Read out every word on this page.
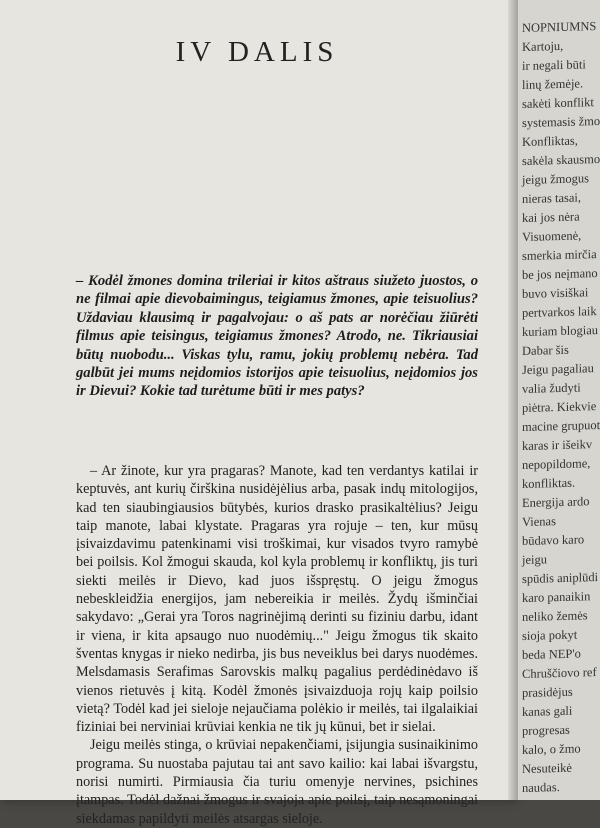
IV DALIS

– Kodėl žmones domina trileriai ir kitos aštraus siužeto juostos, o ne filmai apie dievobaimingus, teigiamus žmones, apie teisuolius? Uždaviau klausimą ir pagalvojau: o aš pats ar norėčiau žiūrėti filmus apie teisingus, teigiamus žmones? Atrodo, ne. Tikriausiai būtų nuobodu... Viskas tylu, ramu, jokių problemų nebėra. Tad galbūt jei mums neįdomios istorijos apie teisuolius, neįdomios jos ir Dievui? Kokie tad turėtume būti ir mes patys?

– Ar žinote, kur yra pragaras? Manote, kad ten verdantys katilai ir keptuvės, ant kurių čirškina nusidėjėlius arba, pasak indų mitologijos, kad ten siaubingiausios būtybės, kurios drasko prasikaltėlius? Jeigu taip manote, labai klystate. Pragaras yra rojuje – ten, kur mūsų įsivaizdavimu patenkinami visi troškimai, kur visados tvyro ramybė bei poilsis. Kol žmogui skauda, kol kyla problemų ir konfliktų, jis turi siekti meilės ir Dievo, kad juos išspręstų. O jeigu žmogus nebeskleidžia energijos, jam nebereikia ir meilės. Žydų išminčiai sakydavo: „Gerai yra Toros nagrinėjimą derinti su fiziniu darbu, idant ir viena, ir kita apsaugo nuo nuodėmių..." Jeigu žmogus tik skaito šventas knygas ir nieko nedirba, jis bus neveiklus bei darys nuodėmes. Melsdamasis Serafimas Sarovskis malkų pagalius perdėdinėdavo iš vienos rietuvės į kitą. Kodėl žmonės įsivaizduoja rojų kaip poilsio vietą? Todėl kad jei sieloje nejaučiama polėkio ir meilės, tai ilgalaikiai fiziniai bei nerviniai krūviai kenkia ne tik jų kūnui, bet ir sielai.

Jeigu meilės stinga, o krūviai nepakenčiami, įsijungia susinaikinimo programa. Su nuostaba pajutau tai ant savo kailio: kai labai išvargstu, norisi numirti. Pirmiausia čia turiu omenyje nervines, psichines įtampas. Todėl dažnai žmogus ir svajoja apie poilsį, taip nesąmoningai siekdamas papildyti meilės atsargas sieloje.

NOPNIUMNS
Kartoju,
ir negali būti
linų žemėje.
sakėti konflikt
systemasis žmo
Konfliktas,
sakėla skausmo
jeigu žmogus
nieras tasai,
kai jos nėra
Visuomenė,
smerkia mirčia
be jos neįmano
buvo visiškai
pertvarkos laik
kuriam blogiau
Dabar šis
Jeigu pagaliau
valia žudyti
piėtra. Kiekvie
macine grupuot
karas ir išeikv
nepopildome,
konfliktas.
Energija ardo
Vienas
būdavo karo
jeigu
spūdis aniplūdi
karo panaikin
neliko žemės
sioja pokyt
beda NEP'o
Chruščiovo ref
prasidėjus
kanas gali
progresas
kalo, o žmo
Nesuteikė
naudas.
